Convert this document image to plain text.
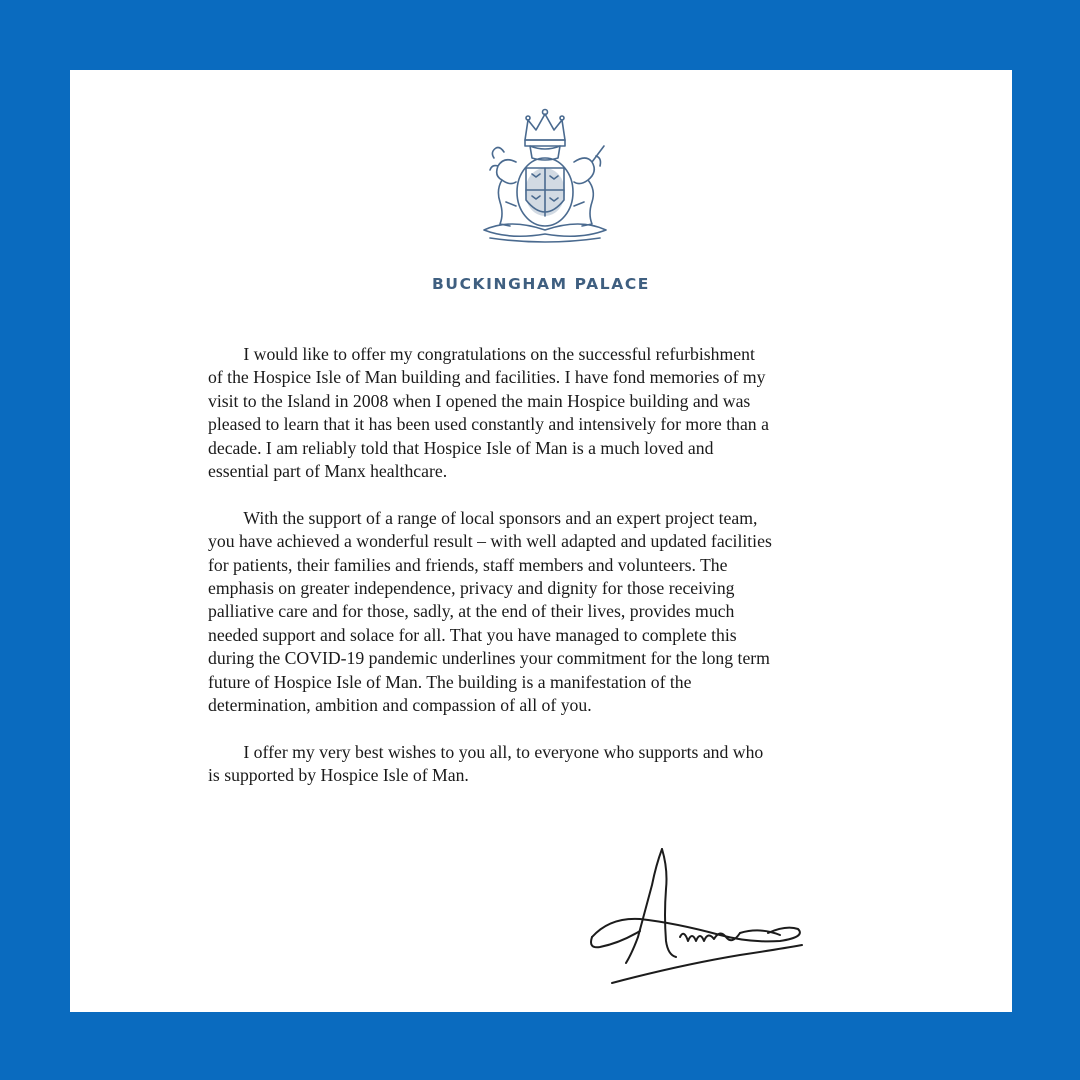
BUCKINGHAM PALACE

  I would like to offer my congratulations on the successful refurbishment
of the Hospice Isle of Man building and facilities. I have fond memories of my
visit to the Island in 2008 when I opened the main Hospice building and was
pleased to learn that it has been used constantly and intensively for more than a
decade. I am reliably told that Hospice Isle of Man is a much loved and
essential part of Manx healthcare.

  With the support of a range of local sponsors and an expert project team,
you have achieved a wonderful result – with well adapted and updated facilities
for patients, their families and friends, staff members and volunteers. The
emphasis on greater independence, privacy and dignity for those receiving
palliative care and for those, sadly, at the end of their lives, provides much
needed support and solace for all. That you have managed to complete this
during the COVID-19 pandemic underlines your commitment for the long term
future of Hospice Isle of Man. The building is a manifestation of the
determination, ambition and compassion of all of you.

  I offer my very best wishes to you all, to everyone who supports and who
is supported by Hospice Isle of Man.
